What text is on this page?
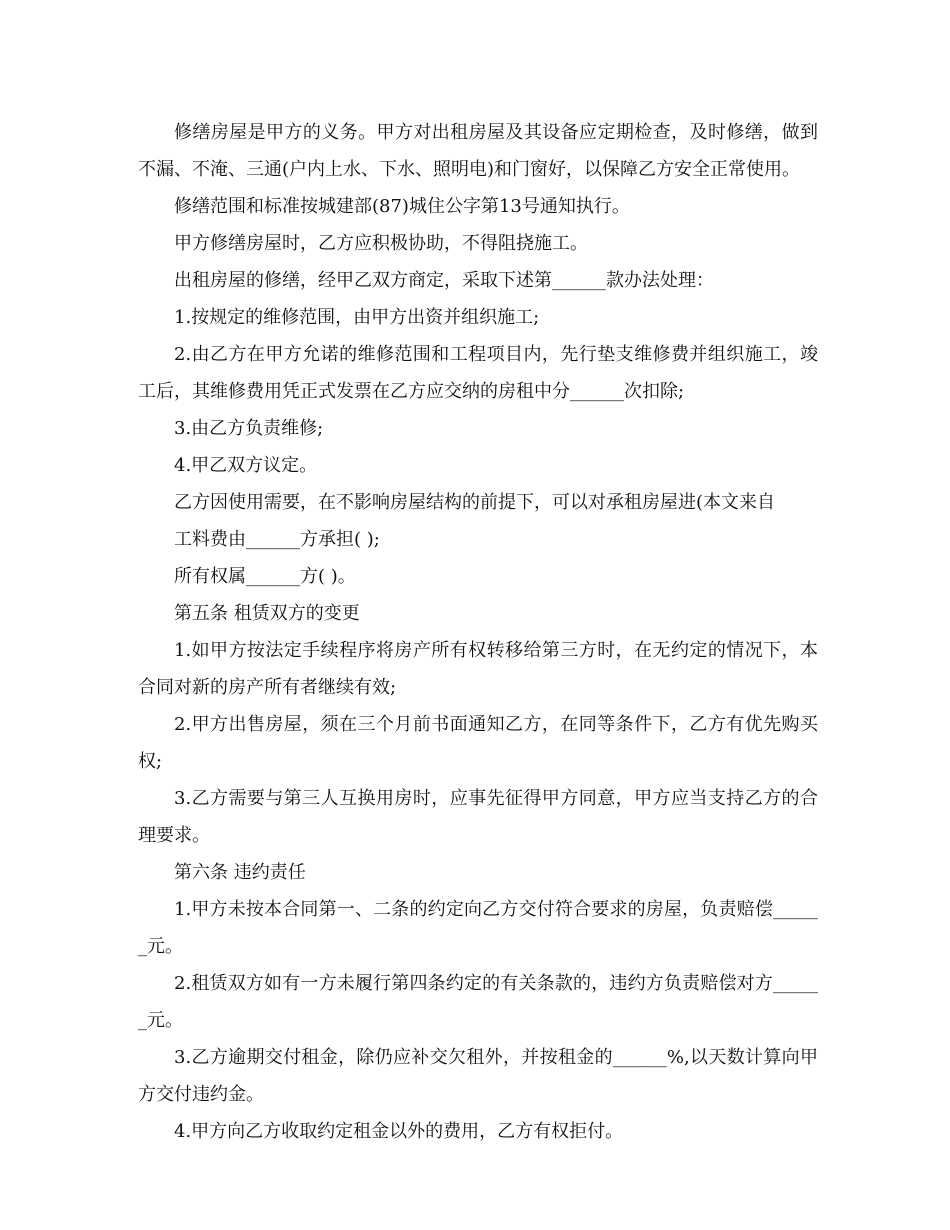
修缮房屋是甲方的义务。甲方对出租房屋及其设备应定期检查，及时修缮，做到不漏、不淹、三通(户内上水、下水、照明电)和门窗好，以保障乙方安全正常使用。

修缮范围和标准按城建部(87)城住公字第13号通知执行。

甲方修缮房屋时，乙方应积极协助，不得阻挠施工。

出租房屋的修缮，经甲乙双方商定，采取下述第______款办法处理：

1.按规定的维修范围，由甲方出资并组织施工;

2.由乙方在甲方允诺的维修范围和工程项目内，先行垫支维修费并组织施工，竣工后，其维修费用凭正式发票在乙方应交纳的房租中分______次扣除;

3.由乙方负责维修;

4.甲乙双方议定。

乙方因使用需要，在不影响房屋结构的前提下，可以对承租房屋进(本文来自

工料费由______方承担( );

所有权属______方( )。

第五条 租赁双方的变更

1.如甲方按法定手续程序将房产所有权转移给第三方时，在无约定的情况下，本合同对新的房产所有者继续有效;

2.甲方出售房屋，须在三个月前书面通知乙方，在同等条件下，乙方有优先购买权;

3.乙方需要与第三人互换用房时，应事先征得甲方同意，甲方应当支持乙方的合理要求。

第六条 违约责任

1.甲方未按本合同第一、二条的约定向乙方交付符合要求的房屋，负责赔偿______元。

2.租赁双方如有一方未履行第四条约定的有关条款的，违约方负责赔偿对方______元。

3.乙方逾期交付租金，除仍应补交欠租外，并按租金的______%,以天数计算向甲方交付违约金。

4.甲方向乙方收取约定租金以外的费用，乙方有权拒付。
